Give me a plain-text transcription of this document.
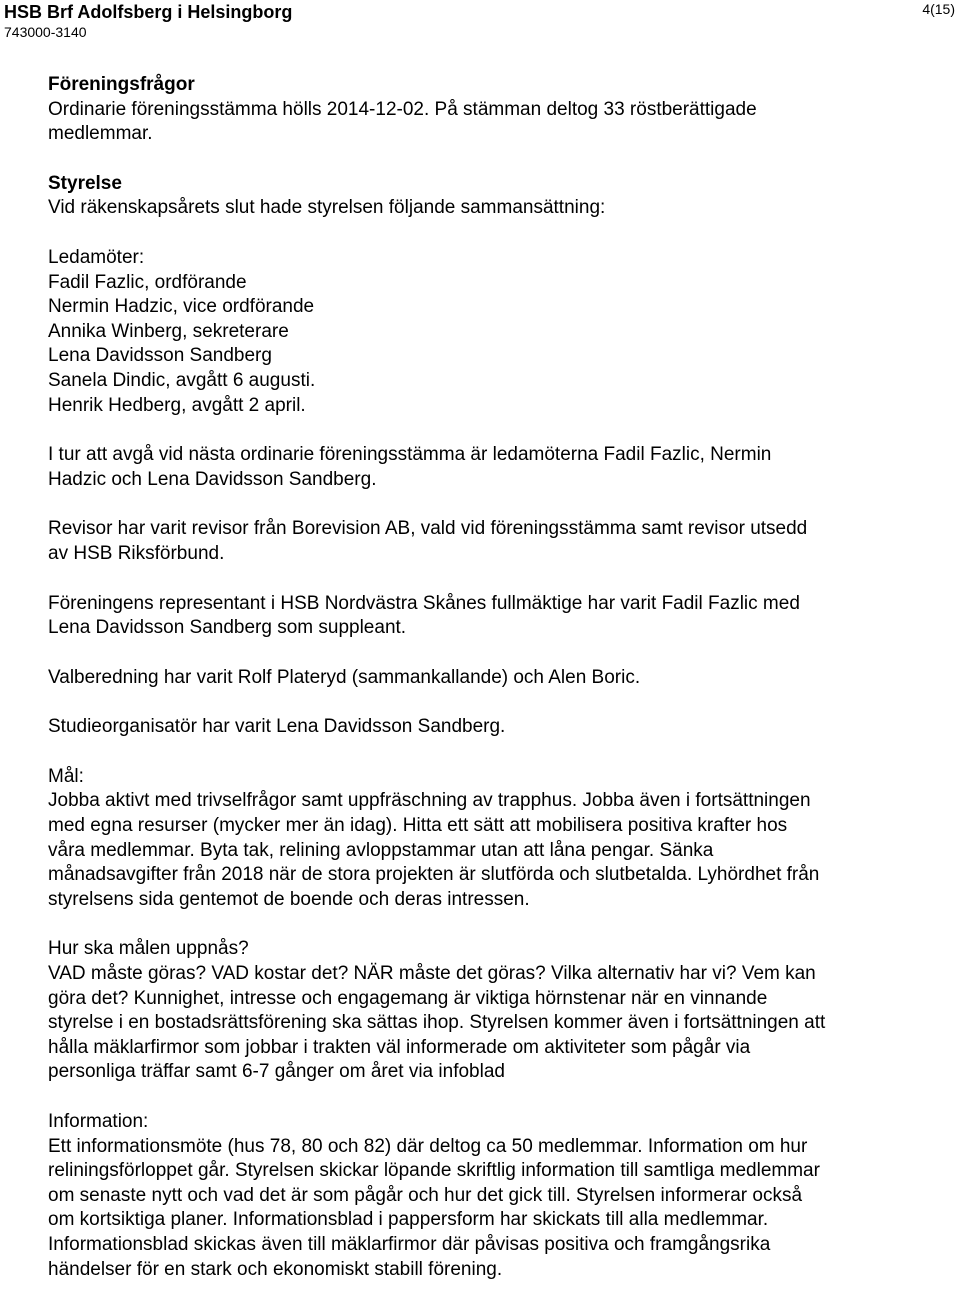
HSB Brf Adolfsberg i Helsingborg
743000-3140
4(15)
Föreningsfrågor
Ordinarie föreningsstämma hölls 2014-12-02. På stämman deltog 33 röstberättigade
medlemmar.
Styrelse
Vid räkenskapsårets slut hade styrelsen följande sammansättning:
Ledamöter:
Fadil Fazlic, ordförande
Nermin Hadzic, vice ordförande
Annika Winberg, sekreterare
Lena Davidsson Sandberg
Sanela Dindic, avgått 6 augusti.
Henrik Hedberg, avgått 2 april.
I tur att avgå vid nästa ordinarie föreningsstämma är ledamöterna Fadil Fazlic, Nermin
Hadzic och Lena Davidsson Sandberg.
Revisor har varit revisor från Borevision AB, vald vid föreningsstämma samt revisor utsedd
av HSB Riksförbund.
Föreningens representant i HSB Nordvästra Skånes fullmäktige har varit Fadil Fazlic med
Lena Davidsson Sandberg som suppleant.
Valberedning har varit Rolf Plateryd (sammankallande) och Alen Boric.
Studieorganisatör har varit Lena Davidsson Sandberg.
Mål:
Jobba aktivt med trivselfrågor samt uppfräschning av trapphus. Jobba även i fortsättningen
med egna resurser (mycker mer än idag). Hitta ett sätt att mobilisera positiva krafter hos
våra medlemmar. Byta tak, relining avloppstammar utan att låna pengar. Sänka
månadsavgifter från 2018 när de stora projekten är slutförda och slutbetalda. Lyhördhet från
styrelsens sida gentemot de boende och deras intressen.
Hur ska målen uppnås?
VAD måste göras? VAD kostar det? NÄR måste det göras? Vilka alternativ har vi? Vem kan
göra det? Kunnighet, intresse och engagemang är viktiga hörnstenar när en vinnande
styrelse i en bostadsrättsförening ska sättas ihop. Styrelsen kommer även i fortsättningen att
hålla mäklarfirmor som jobbar i trakten väl informerade om aktiviteter som pågår via
personliga träffar samt 6-7 gånger om året via infoblad
Information:
Ett informationsmöte (hus 78, 80 och 82) där deltog ca 50 medlemmar. Information om hur
reliningsförloppet går. Styrelsen skickar löpande skriftlig information till samtliga medlemmar
om senaste nytt och vad det är som pågår och hur det gick till. Styrelsen informerar också
om kortsiktiga planer. Informationsblad i pappersform har skickats till alla medlemmar.
Informationsblad skickas även till mäklarfirmor där påvisas positiva och framgångsrika
händelser för en stark och ekonomiskt stabill förening.
